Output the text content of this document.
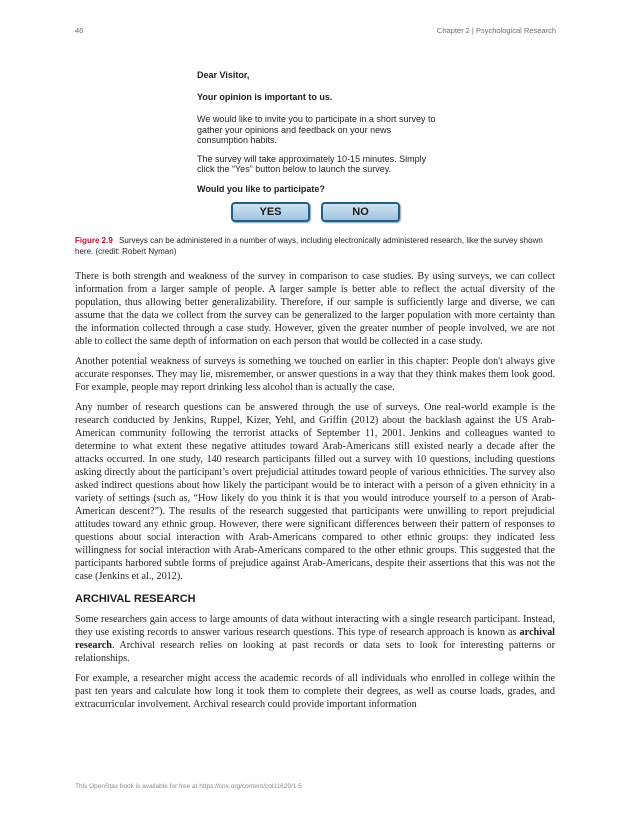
46	Chapter 2 | Psychological Research
Dear Visitor,
Your opinion is important to us.
We would like to invite you to participate in a short survey to gather your opinions and feedback on your news consumption habits.
The survey will take approximately 10-15 minutes. Simply click the “Yes” button below to launch the survey.
Would you like to participate?
YES	NO
Figure 2.9 Surveys can be administered in a number of ways, including electronically administered research, like the survey shown here. (credit: Robert Nyman)

There is both strength and weakness of the survey in comparison to case studies. By using surveys, we can collect information from a larger sample of people. A larger sample is better able to reflect the actual diversity of the population, thus allowing better generalizability. Therefore, if our sample is sufficiently large and diverse, we can assume that the data we collect from the survey can be generalized to the larger population with more certainty than the information collected through a case study. However, given the greater number of people involved, we are not able to collect the same depth of information on each person that would be collected in a case study.

Another potential weakness of surveys is something we touched on earlier in this chapter: People don't always give accurate responses. They may lie, misremember, or answer questions in a way that they think makes them look good. For example, people may report drinking less alcohol than is actually the case.

Any number of research questions can be answered through the use of surveys. One real-world example is the research conducted by Jenkins, Ruppel, Kizer, Yehl, and Griffin (2012) about the backlash against the US Arab-American community following the terrorist attacks of September 11, 2001. Jenkins and colleagues wanted to determine to what extent these negative attitudes toward Arab-Americans still existed nearly a decade after the attacks occurred. In one study, 140 research participants filled out a survey with 10 questions, including questions asking directly about the participant’s overt prejudicial attitudes toward people of various ethnicities. The survey also asked indirect questions about how likely the participant would be to interact with a person of a given ethnicity in a variety of settings (such as, “How likely do you think it is that you would introduce yourself to a person of Arab-American descent?”). The results of the research suggested that participants were unwilling to report prejudicial attitudes toward any ethnic group. However, there were significant differences between their pattern of responses to questions about social interaction with Arab-Americans compared to other ethnic groups: they indicated less willingness for social interaction with Arab-Americans compared to the other ethnic groups. This suggested that the participants harbored subtle forms of prejudice against Arab-Americans, despite their assertions that this was not the case (Jenkins et al., 2012).

ARCHIVAL RESEARCH

Some researchers gain access to large amounts of data without interacting with a single research participant. Instead, they use existing records to answer various research questions. This type of research approach is known as archival research. Archival research relies on looking at past records or data sets to look for interesting patterns or relationships.

For example, a researcher might access the academic records of all individuals who enrolled in college within the past ten years and calculate how long it took them to complete their degrees, as well as course loads, grades, and extracurricular involvement. Archival research could provide important information

This OpenStax book is available for free at https://cnx.org/content/col11629/1.5
